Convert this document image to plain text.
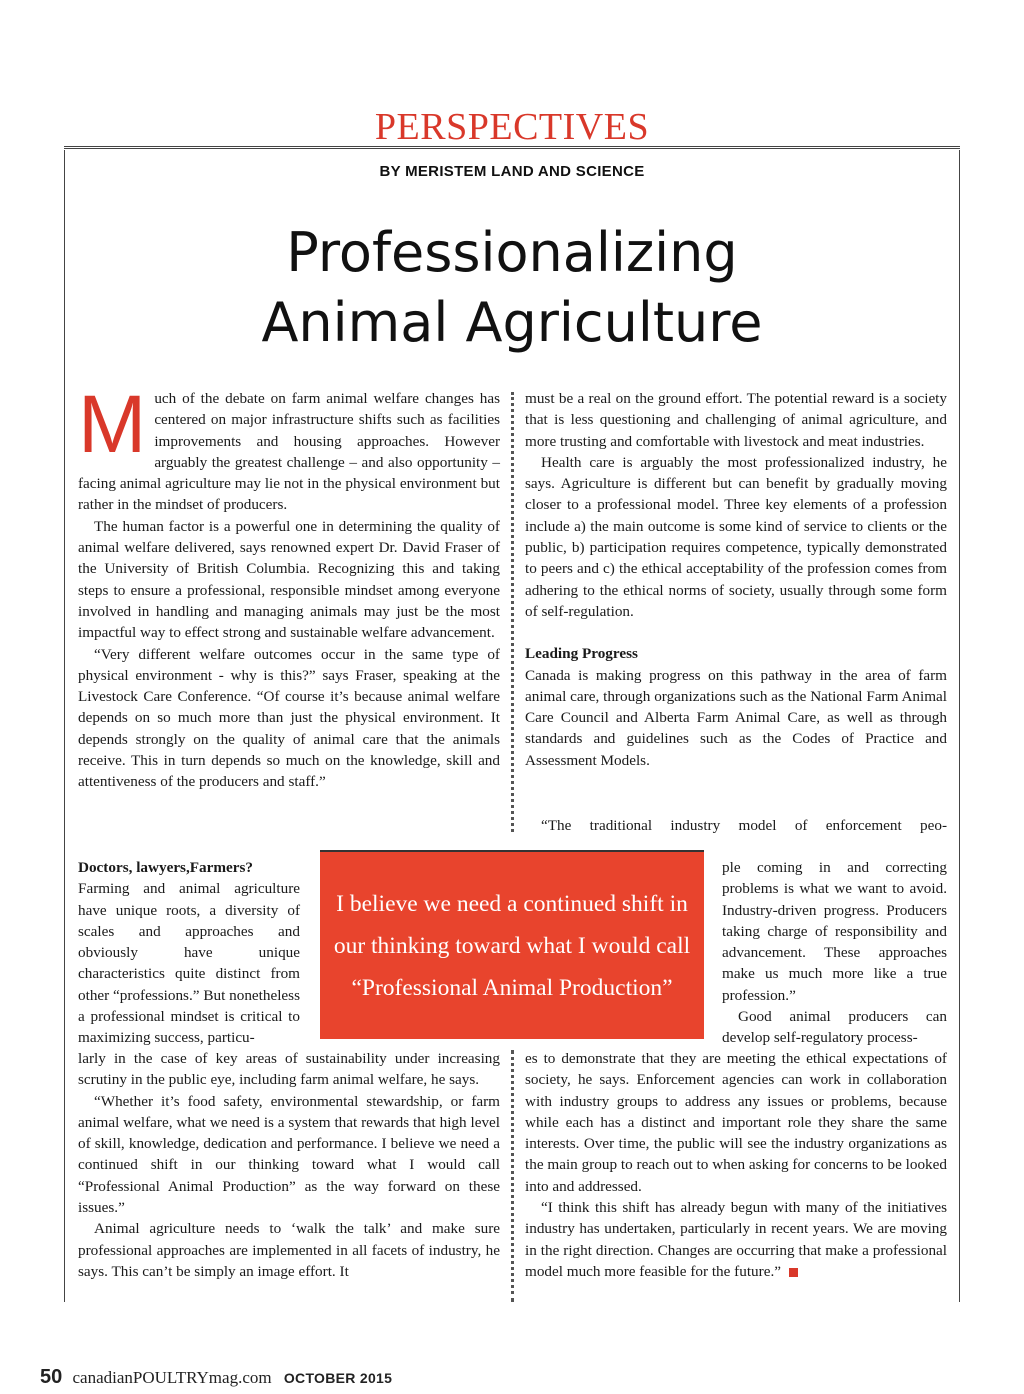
PERSPECTIVES
BY MERISTEM LAND AND SCIENCE
Professionalizing
Animal Agriculture

Much of the debate on farm animal welfare changes has centered on major infrastructure shifts such as facilities improvements and housing approaches. However arguably the greatest challenge – and also opportunity – facing animal agriculture may lie not in the physical environment but rather in the mindset of producers.

The human factor is a powerful one in determining the quality of animal welfare delivered, says renowned expert Dr. David Fraser of the University of British Columbia. Recognizing this and taking steps to ensure a professional, responsible mindset among everyone involved in handling and managing animals may just be the most impactful way to effect strong and sustainable welfare advancement.

“Very different welfare outcomes occur in the same type of physical environment - why is this?” says Fraser, speaking at the Livestock Care Conference. “Of course it’s because animal welfare depends on so much more than just the physical environment. It depends strongly on the quality of animal care that the animals receive. This in turn depends so much on the knowledge, skill and attentiveness of the producers and staff.”

Doctors, lawyers,Farmers?

Farming and animal agriculture have unique roots, a diversity of scales and approaches and obviously have unique characteristics quite distinct from other “professions.” But nonetheless a professional mindset is critical to maximizing success, particu-

larly in the case of key areas of sustainability under increasing scrutiny in the public eye, including farm animal welfare, he says.

“Whether it’s food safety, environmental stewardship, or farm animal welfare, what we need is a system that rewards that high level of skill, knowledge, dedication and performance. I believe we need a continued shift in our thinking toward what I would call “Professional Animal Production” as the way forward on these issues.”

Animal agriculture needs to ‘walk the talk’ and make sure professional approaches are implemented in all facets of industry, he says. This can’t be simply an image effort. It

must be a real on the ground effort. The potential reward is a society that is less questioning and challenging of animal agriculture, and more trusting and comfortable with livestock and meat industries.

Health care is arguably the most professionalized industry, he says. Agriculture is different but can benefit by gradually moving closer to a professional model. Three key elements of a profession include a) the main outcome is some kind of service to clients or the public, b) participation requires competence, typically demonstrated to peers and c) the ethical acceptability of the profession comes from adhering to the ethical norms of society, usually through some form of self-regulation.

Leading Progress

Canada is making progress on this pathway in the area of farm animal care, through organizations such as the National Farm Animal Care Council and Alberta Farm Animal Care, as well as through standards and guidelines such as the Codes of Practice and Assessment Models.

“The traditional industry model of enforcement peo-

ple coming in and correcting problems is what we want to avoid. Industry-driven progress. Producers taking charge of responsibility and advancement. These approaches make us much more like a true profession.”

Good animal producers can develop self-regulatory process-

es to demonstrate that they are meeting the ethical expectations of society, he says. Enforcement agencies can work in collaboration with industry groups to address any issues or problems, because while each has a distinct and important role they share the same interests. Over time, the public will see the industry organizations as the main group to reach out to when asking for concerns to be looked into and addressed.

“I think this shift has already begun with many of the initiatives industry has undertaken, particularly in recent years. We are moving in the right direction. Changes are occurring that make a professional model much more feasible for the future.”

I believe we need a continued shift in our thinking toward what I would call “Professional Animal Production”
50 canadianPOULTRYmag.com OCTOBER 2015
